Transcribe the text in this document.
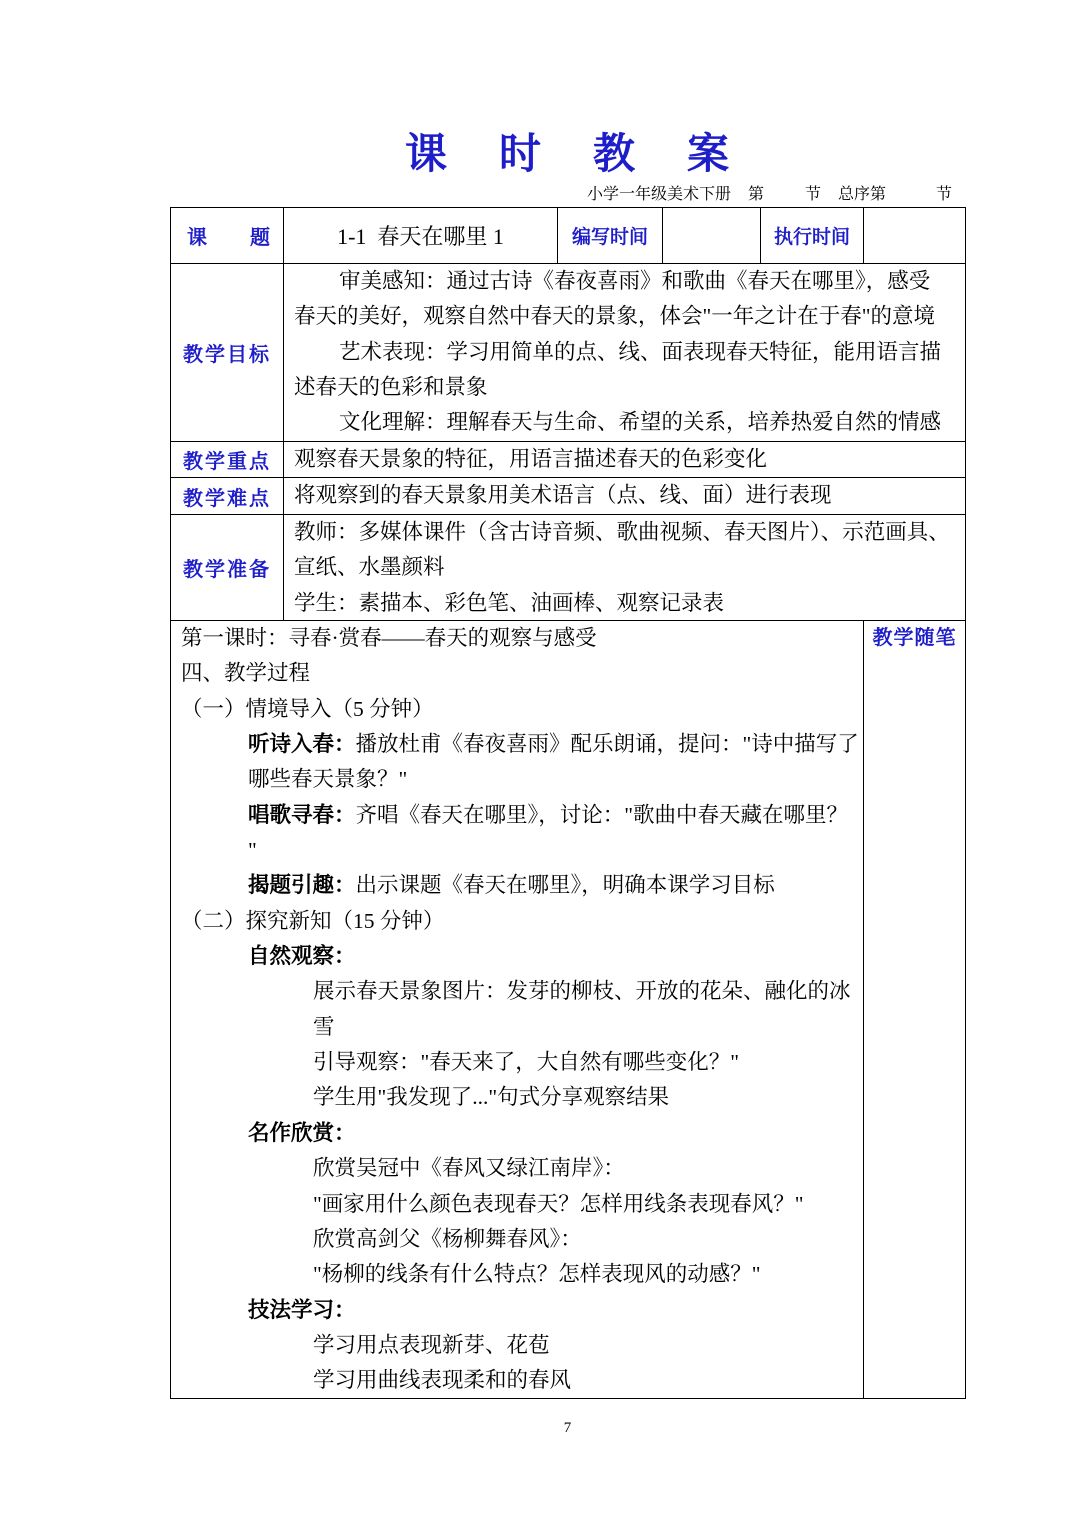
课时教案
小学一年级美术下册 第	节 总序第	节
课题	1-1  春天在哪里 1	编写时间	执行时间
教学目标
审美感知：通过古诗《春夜喜雨》和歌曲《春天在哪里》，感受
春天的美好，观察自然中春天的景象，体会"一年之计在于春"的意境
艺术表现：学习用简单的点、线、面表现春天特征，能用语言描
述春天的色彩和景象
文化理解：理解春天与生命、希望的关系，培养热爱自然的情感
教学重点	观察春天景象的特征，用语言描述春天的色彩变化
教学难点	将观察到的春天景象用美术语言（点、线、面）进行表现
教学准备
教师：多媒体课件（含古诗音频、歌曲视频、春天图片）、示范画具、
宣纸、水墨颜料
学生：素描本、彩色笔、油画棒、观察记录表
第一课时：寻春·赏春——春天的观察与感受
四、教学过程
（一）情境导入（5 分钟）
听诗入春：播放杜甫《春夜喜雨》配乐朗诵，提问："诗中描写了
哪些春天景象？"
唱歌寻春：齐唱《春天在哪里》，讨论："歌曲中春天藏在哪里？
"
揭题引趣：出示课题《春天在哪里》，明确本课学习目标
（二）探究新知（15 分钟）
自然观察：
展示春天景象图片：发芽的柳枝、开放的花朵、融化的冰
雪
引导观察："春天来了，大自然有哪些变化？"
学生用"我发现了..."句式分享观察结果
名作欣赏：
欣赏吴冠中《春风又绿江南岸》：
"画家用什么颜色表现春天？怎样用线条表现春风？"
欣赏高剑父《杨柳舞春风》：
"杨柳的线条有什么特点？怎样表现风的动感？"
技法学习：
学习用点表现新芽、花苞
学习用曲线表现柔和的春风
教学随笔
7
